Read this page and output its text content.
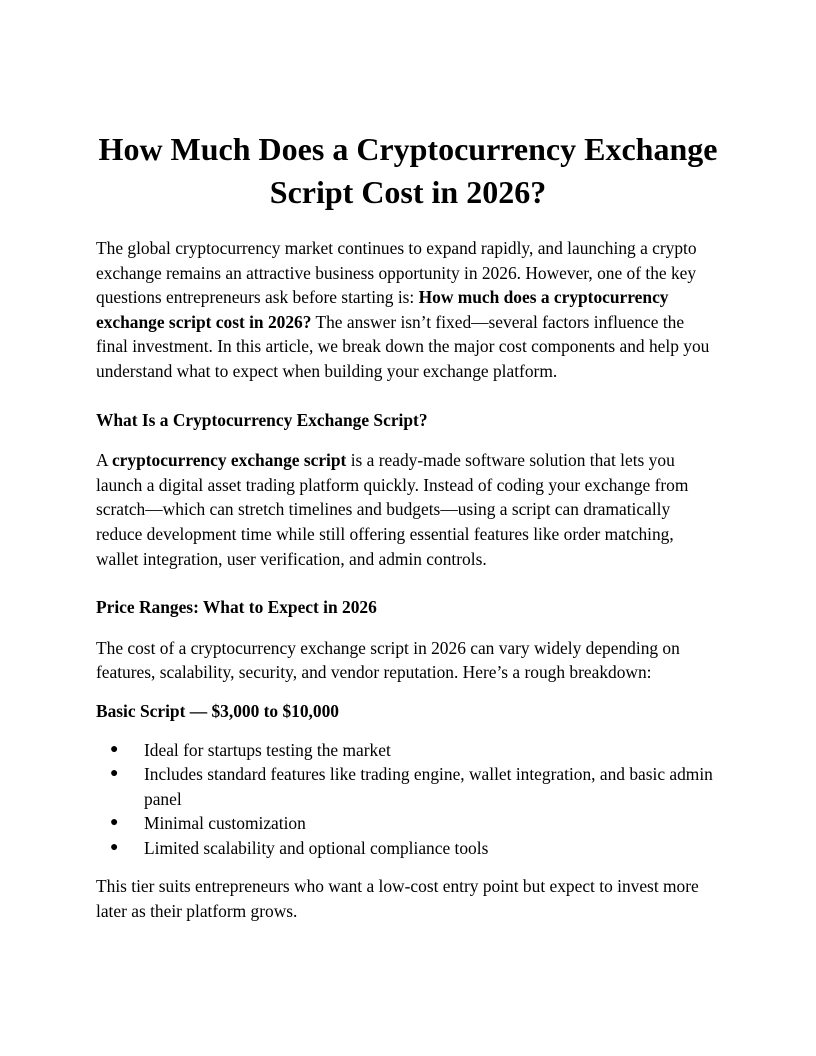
How Much Does a Cryptocurrency Exchange Script Cost in 2026?

The global cryptocurrency market continues to expand rapidly, and launching a crypto exchange remains an attractive business opportunity in 2026. However, one of the key questions entrepreneurs ask before starting is: How much does a cryptocurrency exchange script cost in 2026? The answer isn’t fixed—several factors influence the final investment. In this article, we break down the major cost components and help you understand what to expect when building your exchange platform.

What Is a Cryptocurrency Exchange Script?

A cryptocurrency exchange script is a ready-made software solution that lets you launch a digital asset trading platform quickly. Instead of coding your exchange from scratch—which can stretch timelines and budgets—using a script can dramatically reduce development time while still offering essential features like order matching, wallet integration, user verification, and admin controls.

Price Ranges: What to Expect in 2026

The cost of a cryptocurrency exchange script in 2026 can vary widely depending on features, scalability, security, and vendor reputation. Here’s a rough breakdown:

Basic Script — $3,000 to $10,000
● Ideal for startups testing the market
● Includes standard features like trading engine, wallet integration, and basic admin panel
● Minimal customization
● Limited scalability and optional compliance tools

This tier suits entrepreneurs who want a low-cost entry point but expect to invest more later as their platform grows.
